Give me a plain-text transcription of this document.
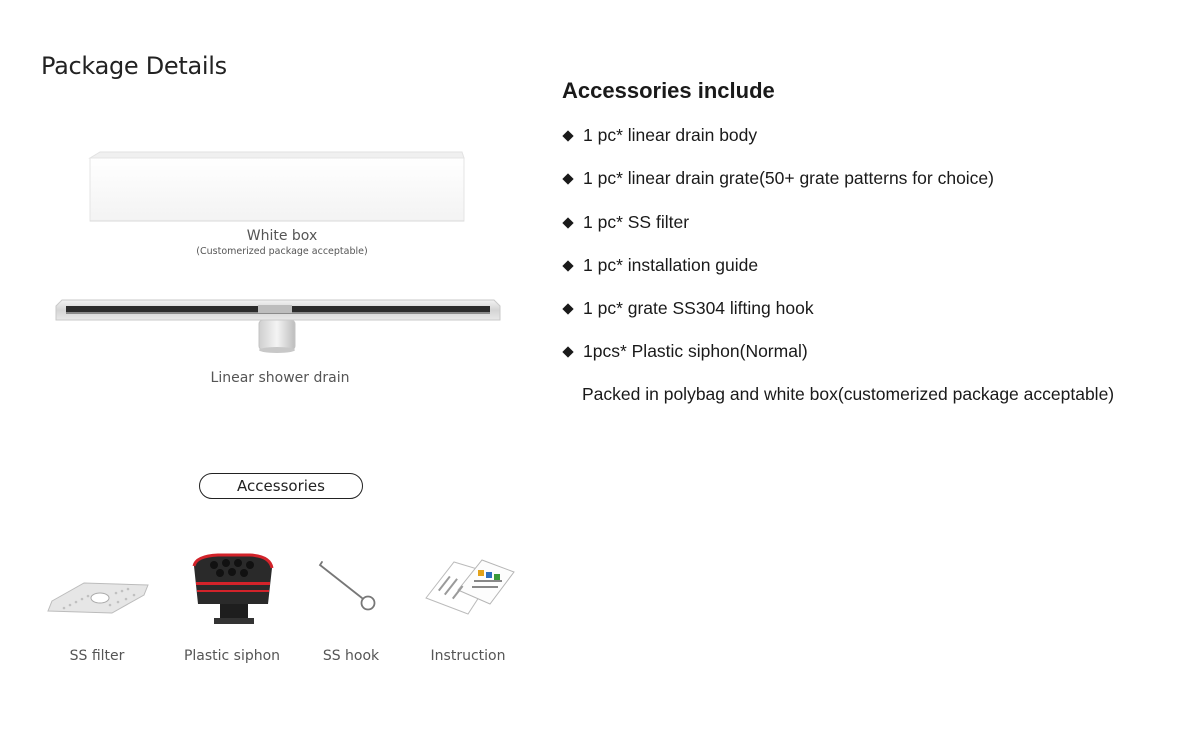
Package Details
White box
(Customerized package acceptable)
Linear shower drain
Accessories
SS filter	Plastic siphon	SS hook	Instruction
Accessories include
1 pc* linear drain body
1 pc* linear drain grate(50+ grate patterns for choice)
1 pc* SS filter
1 pc* installation guide
1 pc* grate SS304 lifting hook
1pcs* Plastic siphon(Normal)
Packed in polybag and white box(customerized package acceptable)
